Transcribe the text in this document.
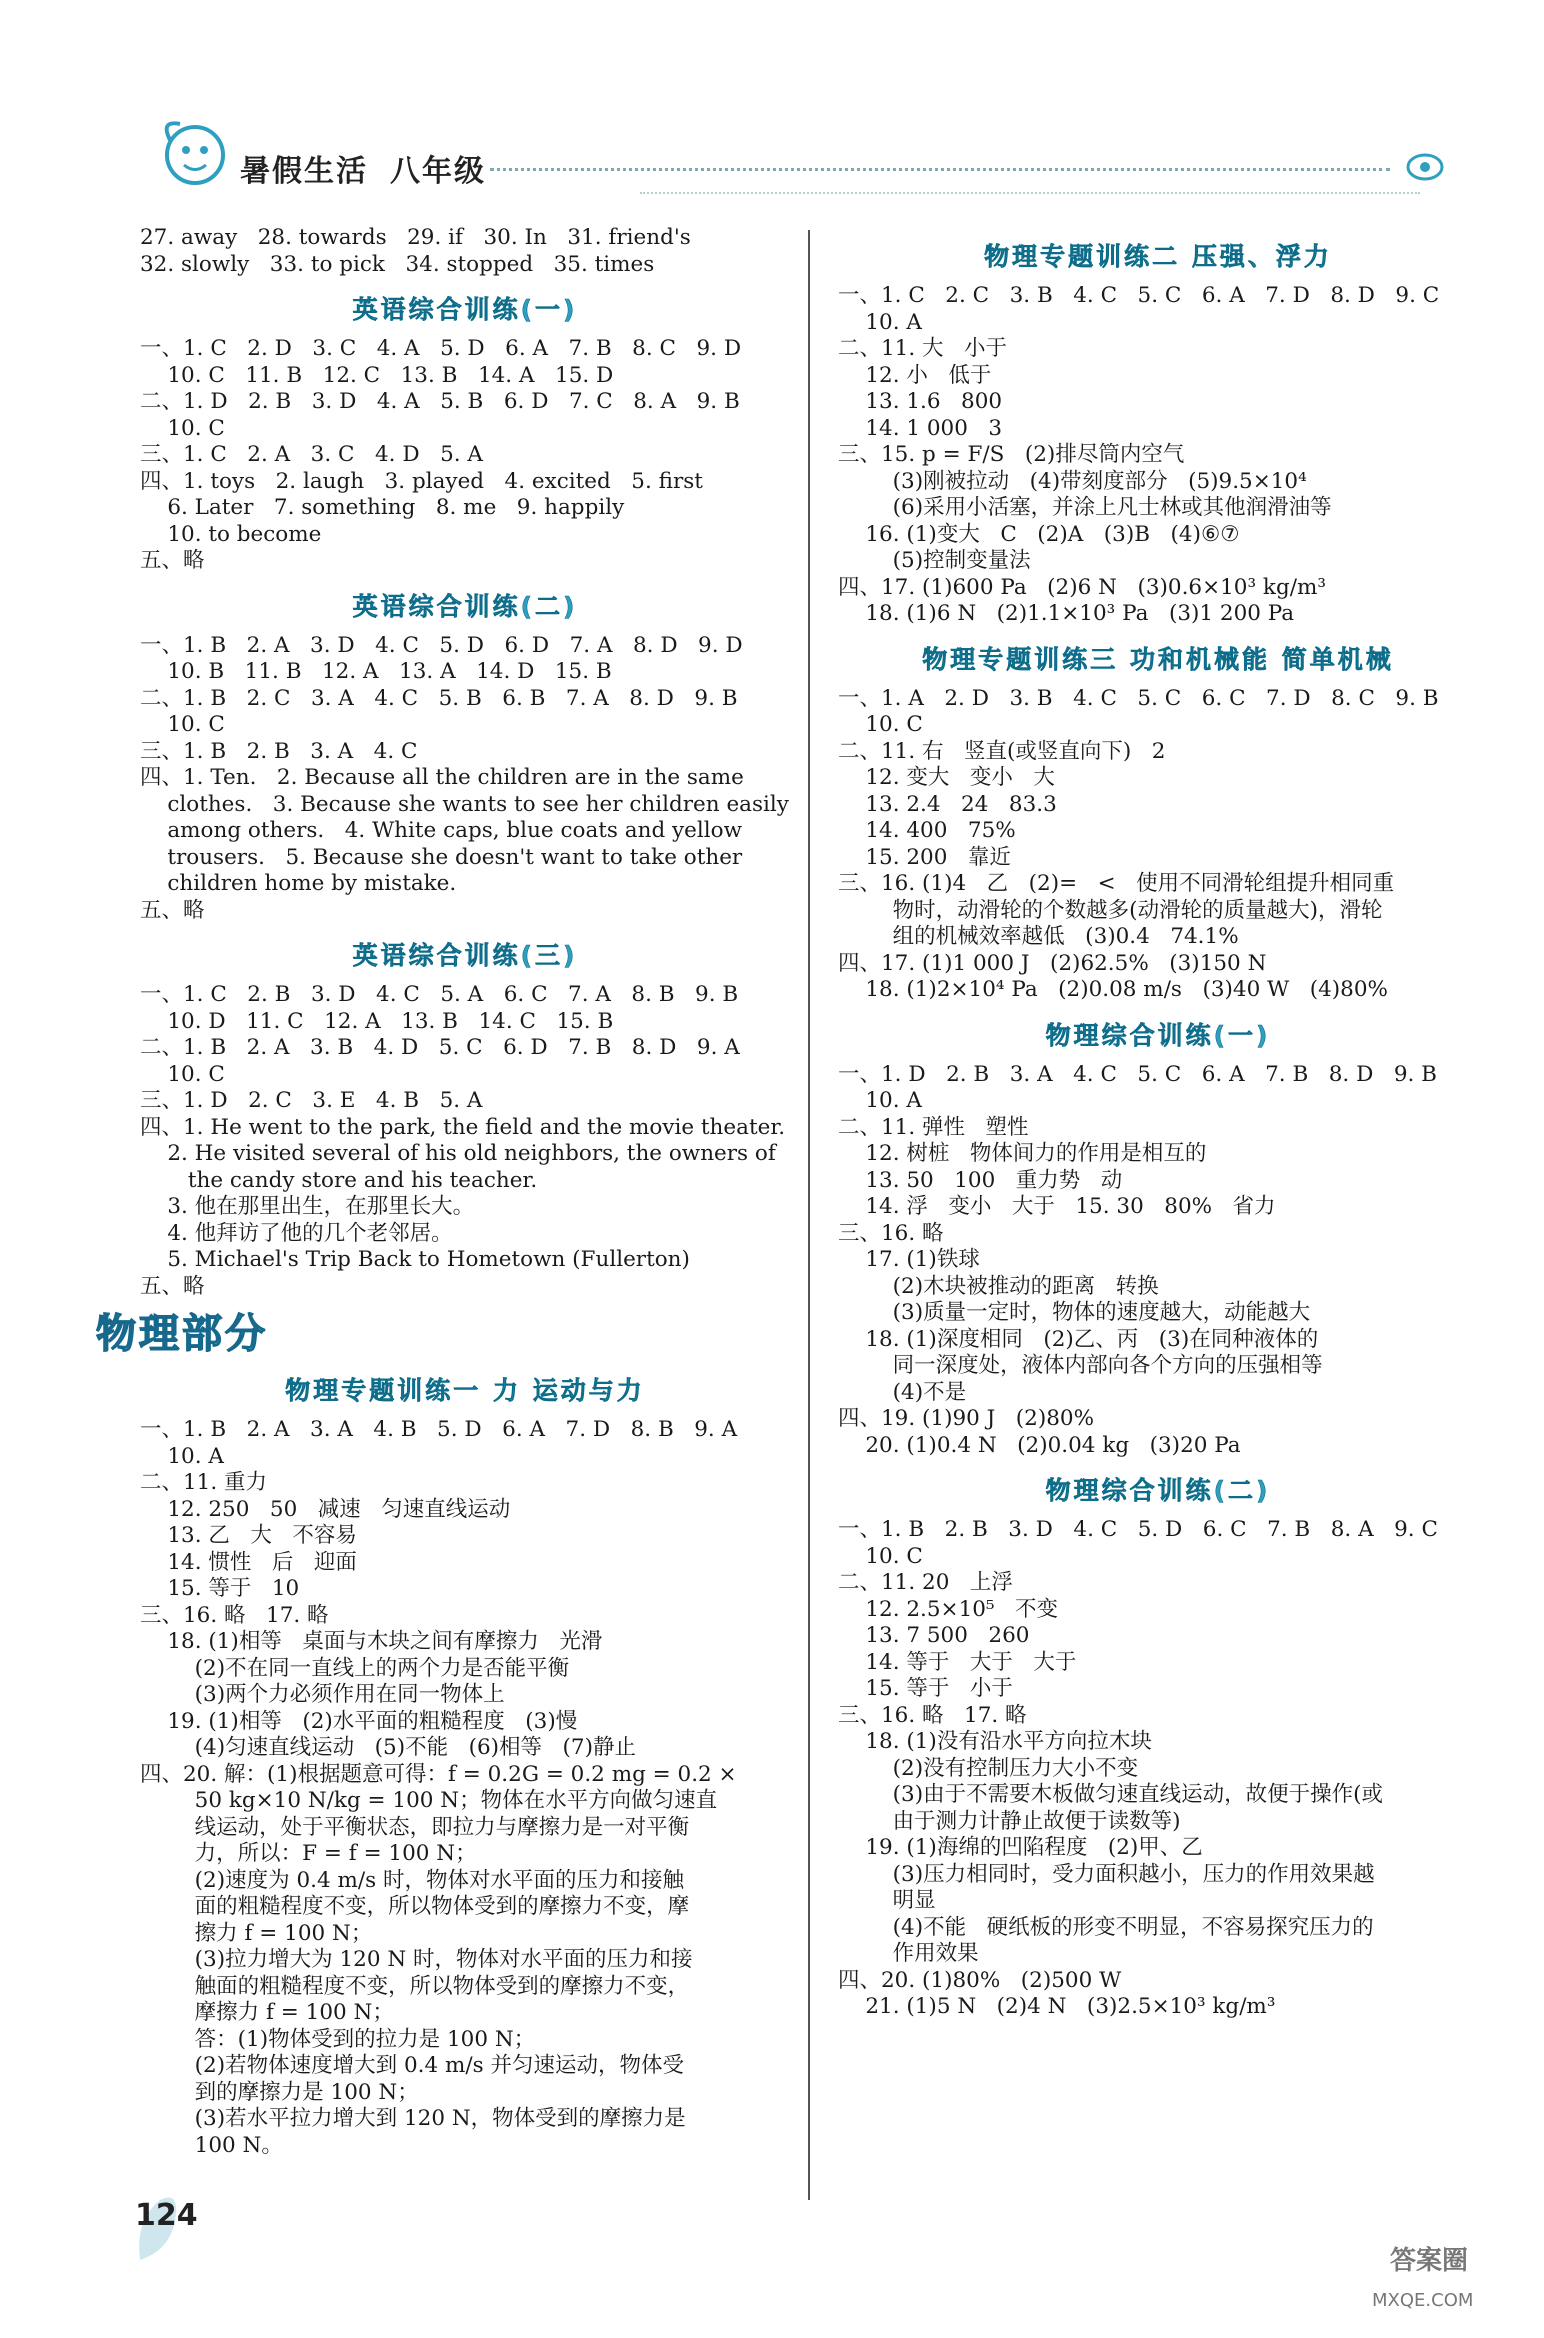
暑假生活 八年级
27. away   28. towards   29. if   30. In   31. friend's
32. slowly   33. to pick   34. stopped   35. times
英语综合训练(一)
一、1. C   2. D   3. C   4. A   5. D   6. A   7. B   8. C   9. D
10. C   11. B   12. C   13. B   14. A   15. D
二、1. D   2. B   3. D   4. A   5. B   6. D   7. C   8. A   9. B
10. C
三、1. C   2. A   3. C   4. D   5. A
四、1. toys   2. laugh   3. played   4. excited   5. first
6. Later   7. something   8. me   9. happily
10. to become
五、略
英语综合训练(二)
一、1. B   2. A   3. D   4. C   5. D   6. D   7. A   8. D   9. D
10. B   11. B   12. A   13. A   14. D   15. B
二、1. B   2. C   3. A   4. C   5. B   6. B   7. A   8. D   9. B
10. C
三、1. B   2. B   3. A   4. C
四、1. Ten.   2. Because all the children are in the same
clothes.   3. Because she wants to see her children easily
among others.   4. White caps, blue coats and yellow
trousers.   5. Because she doesn't want to take other
children home by mistake.
五、略
英语综合训练(三)
一、1. C   2. B   3. D   4. C   5. A   6. C   7. A   8. B   9. B
10. D   11. C   12. A   13. B   14. C   15. B
二、1. B   2. A   3. B   4. D   5. C   6. D   7. B   8. D   9. A
10. C
三、1. D   2. C   3. E   4. B   5. A
四、1. He went to the park, the field and the movie theater.
2. He visited several of his old neighbors, the owners of
the candy store and his teacher.
3. 他在那里出生，在那里长大。
4. 他拜访了他的几个老邻居。
5. Michael's Trip Back to Hometown (Fullerton)
五、略
物理部分
物理专题训练一 力 运动与力
一、1. B   2. A   3. A   4. B   5. D   6. A   7. D   8. B   9. A
10. A
二、11. 重力
12. 250   50   减速   匀速直线运动
13. 乙   大   不容易
14. 惯性   后   迎面
15. 等于   10
三、16. 略   17. 略
18. (1)相等   桌面与木块之间有摩擦力   光滑
(2)不在同一直线上的两个力是否能平衡
(3)两个力必须作用在同一物体上
19. (1)相等   (2)水平面的粗糙程度   (3)慢
(4)匀速直线运动   (5)不能   (6)相等   (7)静止
四、20. 解：(1)根据题意可得：f = 0.2G = 0.2 mg = 0.2 ×
50 kg×10 N/kg = 100 N；物体在水平方向做匀速直
线运动，处于平衡状态，即拉力与摩擦力是一对平衡
力，所以：F = f = 100 N；
(2)速度为 0.4 m/s 时，物体对水平面的压力和接触
面的粗糙程度不变，所以物体受到的摩擦力不变，摩
擦力 f = 100 N；
(3)拉力增大为 120 N 时，物体对水平面的压力和接
触面的粗糙程度不变，所以物体受到的摩擦力不变，
摩擦力 f = 100 N；
答：(1)物体受到的拉力是 100 N；
(2)若物体速度增大到 0.4 m/s 并匀速运动，物体受
到的摩擦力是 100 N；
(3)若水平拉力增大到 120 N，物体受到的摩擦力是
100 N。
物理专题训练二 压强、浮力
一、1. C   2. C   3. B   4. C   5. C   6. A   7. D   8. D   9. C
10. A
二、11. 大   小于
12. 小   低于
13. 1.6   800
14. 1 000   3
三、15. p = F/S   (2)排尽筒内空气
(3)刚被拉动   (4)带刻度部分   (5)9.5×10⁴
(6)采用小活塞，并涂上凡士林或其他润滑油等
16. (1)变大   C   (2)A   (3)B   (4)⑥⑦
(5)控制变量法
四、17. (1)600 Pa   (2)6 N   (3)0.6×10³ kg/m³
18. (1)6 N   (2)1.1×10³ Pa   (3)1 200 Pa
物理专题训练三 功和机械能 简单机械
一、1. A   2. D   3. B   4. C   5. C   6. C   7. D   8. C   9. B
10. C
二、11. 右   竖直(或竖直向下)   2
12. 变大   变小   大
13. 2.4   24   83.3
14. 400   75%
15. 200   靠近
三、16. (1)4   乙   (2)=   <   使用不同滑轮组提升相同重
物时，动滑轮的个数越多(动滑轮的质量越大)，滑轮
组的机械效率越低   (3)0.4   74.1%
四、17. (1)1 000 J   (2)62.5%   (3)150 N
18. (1)2×10⁴ Pa   (2)0.08 m/s   (3)40 W   (4)80%
物理综合训练(一)
一、1. D   2. B   3. A   4. C   5. C   6. A   7. B   8. D   9. B
10. A
二、11. 弹性   塑性
12. 树桩   物体间力的作用是相互的
13. 50   100   重力势   动
14. 浮   变小   大于   15. 30   80%   省力
三、16. 略
17. (1)铁球
(2)木块被推动的距离   转换
(3)质量一定时，物体的速度越大，动能越大
18. (1)深度相同   (2)乙、丙   (3)在同种液体的
同一深度处，液体内部向各个方向的压强相等
(4)不是
四、19. (1)90 J   (2)80%
20. (1)0.4 N   (2)0.04 kg   (3)20 Pa
物理综合训练(二)
一、1. B   2. B   3. D   4. C   5. D   6. C   7. B   8. A   9. C
10. C
二、11. 20   上浮
12. 2.5×10⁵   不变
13. 7 500   260
14. 等于   大于   大于
15. 等于   小于
三、16. 略   17. 略
18. (1)没有沿水平方向拉木块
(2)没有控制压力大小不变
(3)由于不需要木板做匀速直线运动，故便于操作(或
由于测力计静止故便于读数等)
19. (1)海绵的凹陷程度   (2)甲、乙
(3)压力相同时，受力面积越小，压力的作用效果越
明显
(4)不能   硬纸板的形变不明显，不容易探究压力的
作用效果
四、20. (1)80%   (2)500 W
21. (1)5 N   (2)4 N   (3)2.5×10³ kg/m³
124
答案圈
MXQE.COM
